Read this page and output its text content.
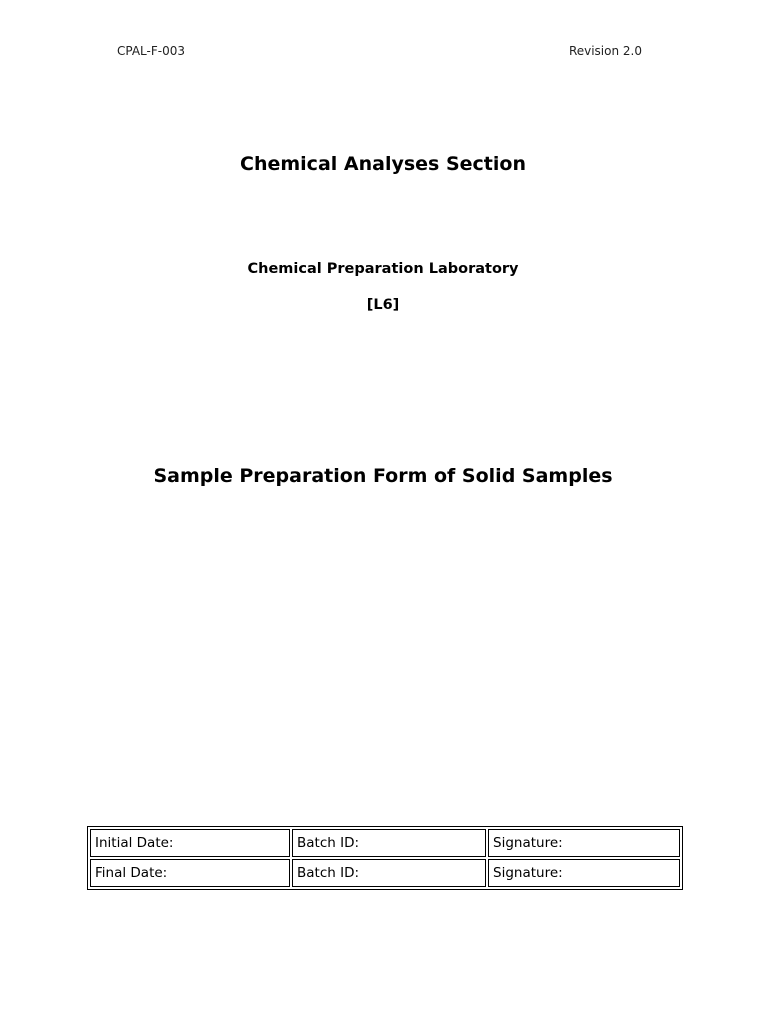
CPAL-F-003	Revision 2.0
Chemical Analyses Section
Chemical Preparation Laboratory
[L6]
Sample Preparation Form of Solid Samples
Initial Date:	Batch ID:	Signature:
Final Date:	Batch ID:	Signature:
